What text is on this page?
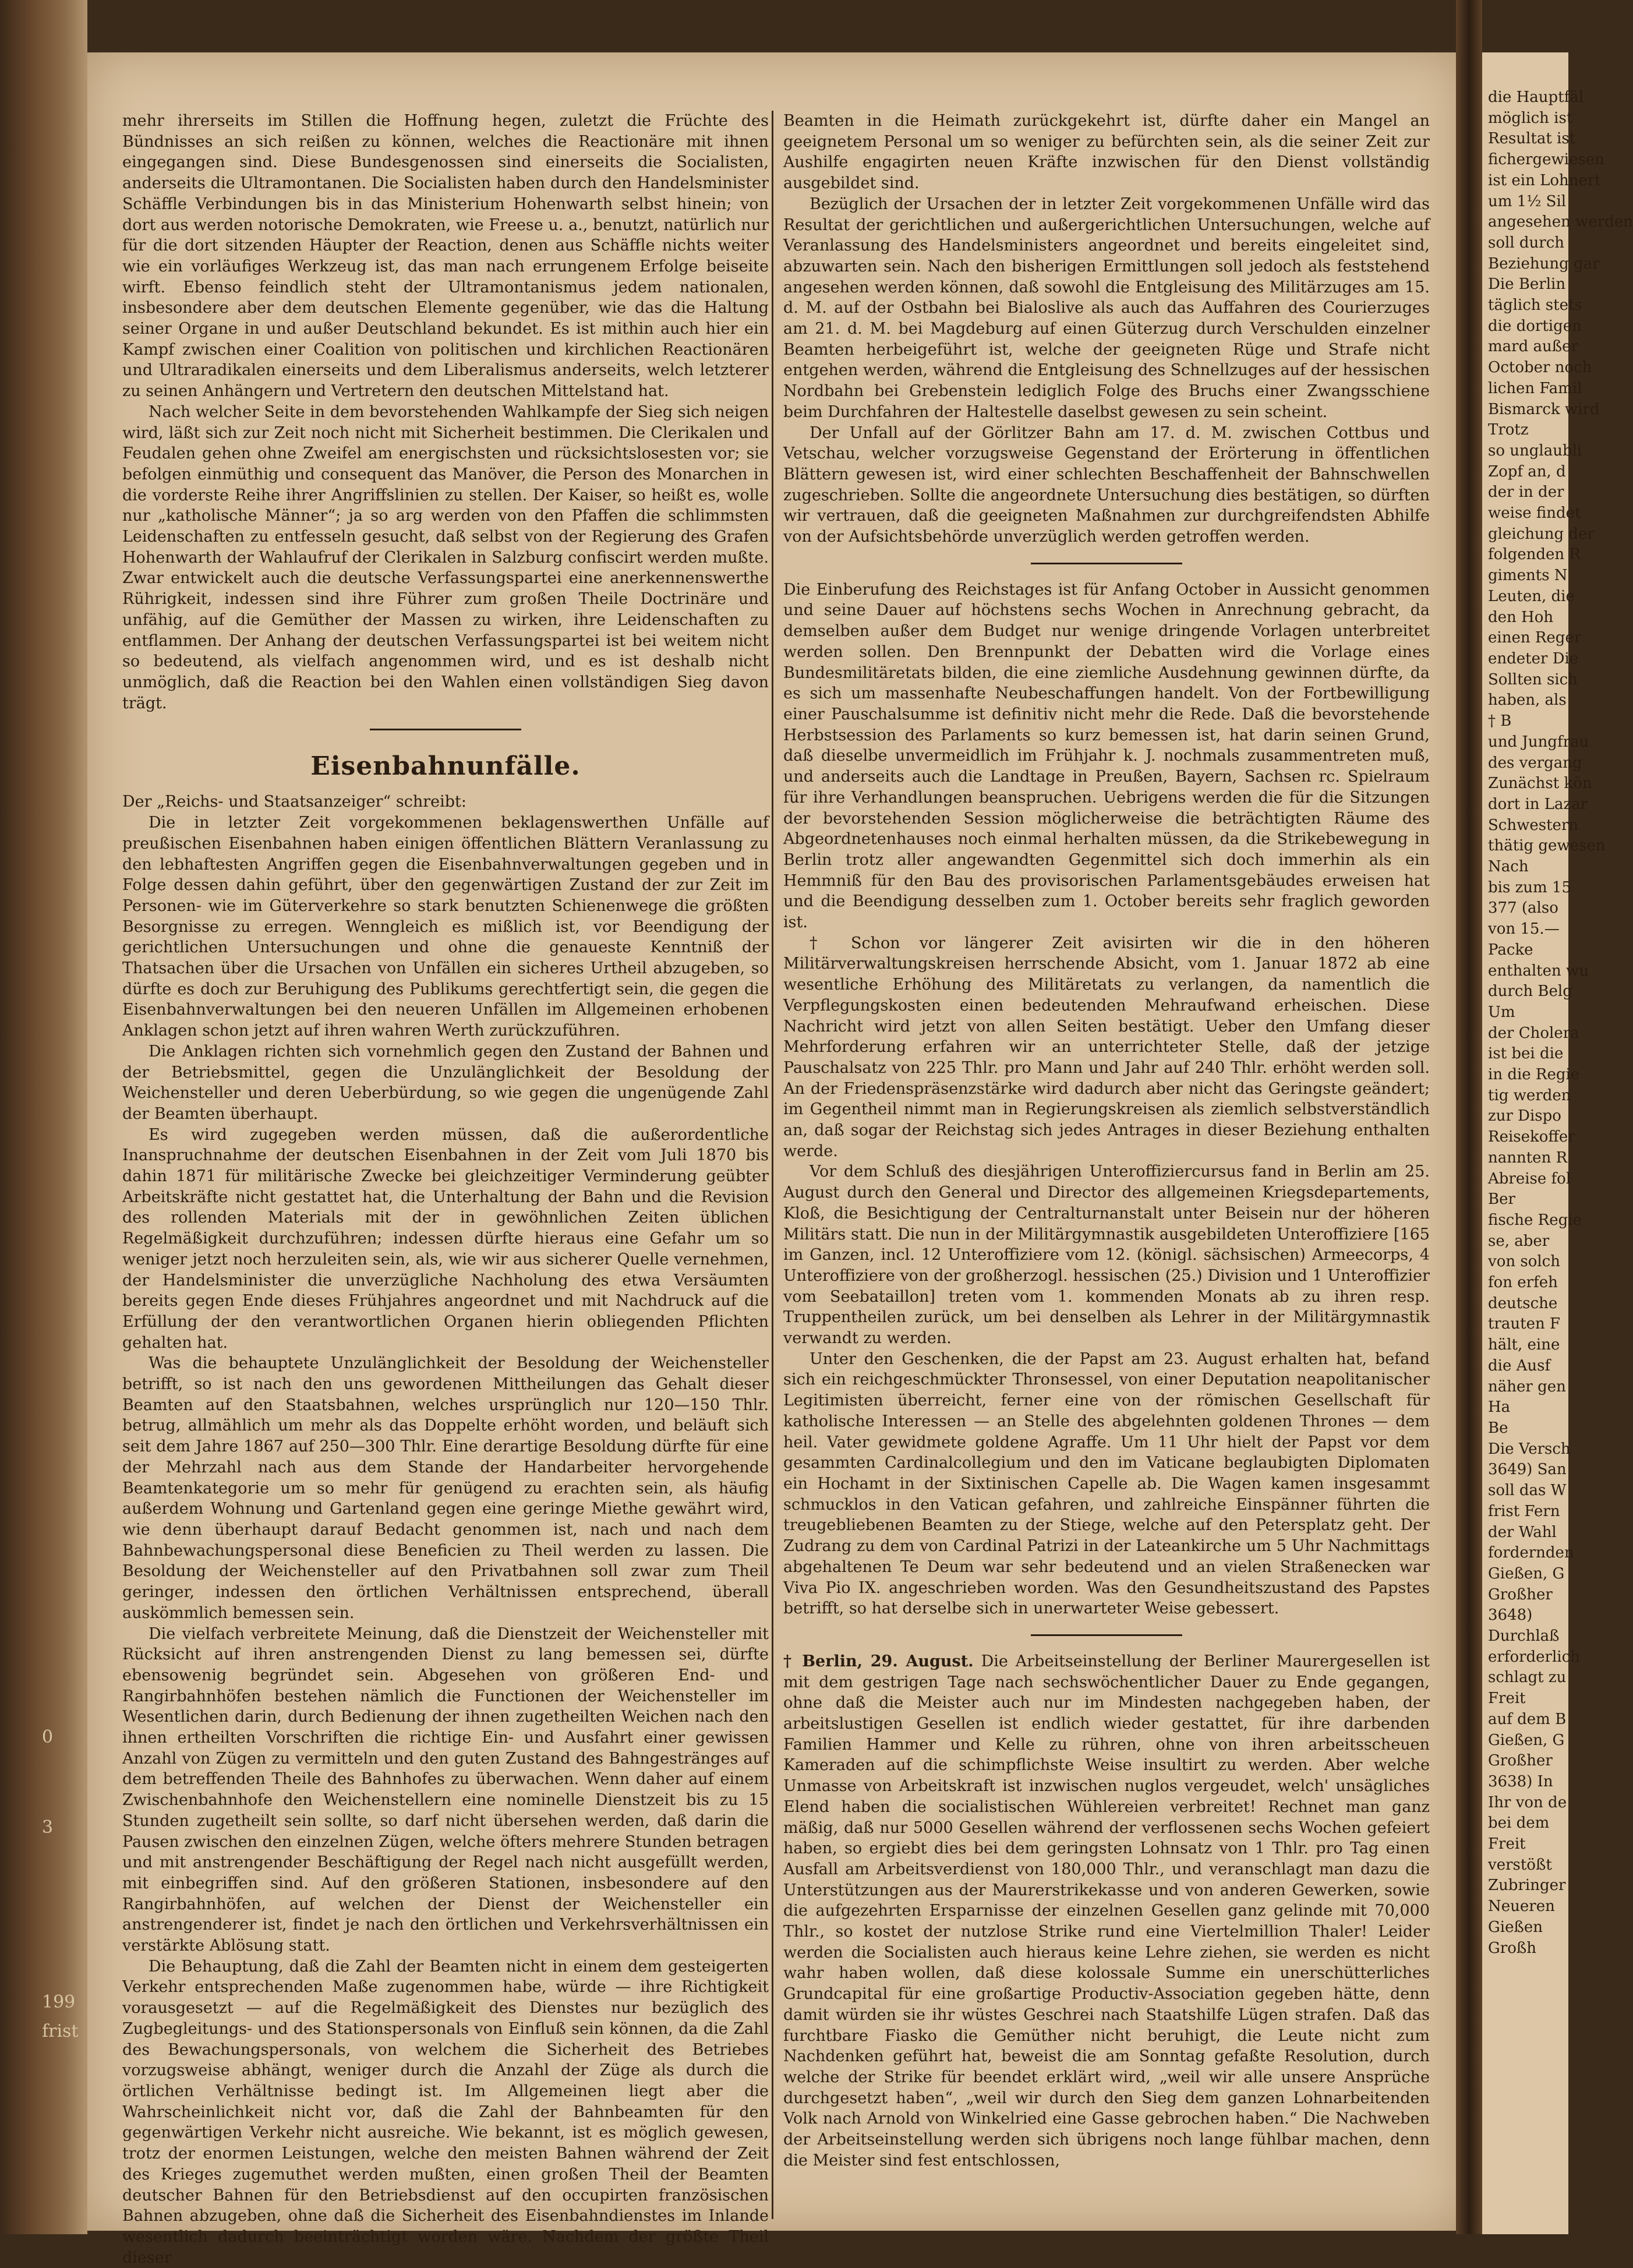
0
3
199
frist

mehr ihrerseits im Stillen die Hoffnung hegen, zuletzt die Früchte des Bündnisses an sich reißen zu können, welches die Reactionäre mit ihnen eingegangen sind. Diese Bundesgenossen sind einerseits die Socialisten, anderseits die Ultramontanen. Die Socialisten haben durch den Handelsminister Schäffle Verbindungen bis in das Ministerium Hohenwarth selbst hinein; von dort aus werden notorische Demokraten, wie Freese u. a., benutzt, natürlich nur für die dort sitzenden Häupter der Reaction, denen aus Schäffle nichts weiter wie ein vorläufiges Werkzeug ist, das man nach errungenem Erfolge beiseite wirft. Ebenso feindlich steht der Ultramontanismus jedem nationalen, insbesondere aber dem deutschen Elemente gegenüber, wie das die Haltung seiner Organe in und außer Deutschland bekundet. Es ist mithin auch hier ein Kampf zwischen einer Coalition von politischen und kirchlichen Reactionären und Ultraradikalen einerseits und dem Liberalismus anderseits, welch letzterer zu seinen Anhängern und Vertretern den deutschen Mittelstand hat.

Nach welcher Seite in dem bevorstehenden Wahlkampfe der Sieg sich neigen wird, läßt sich zur Zeit noch nicht mit Sicherheit bestimmen. Die Clerikalen und Feudalen gehen ohne Zweifel am energischsten und rücksichtslosesten vor; sie befolgen einmüthig und consequent das Manöver, die Person des Monarchen in die vorderste Reihe ihrer Angriffslinien zu stellen. Der Kaiser, so heißt es, wolle nur „katholische Männer“; ja so arg werden von den Pfaffen die schlimmsten Leidenschaften zu entfesseln gesucht, daß selbst von der Regierung des Grafen Hohenwarth der Wahlaufruf der Clerikalen in Salzburg confiscirt werden mußte. Zwar entwickelt auch die deutsche Verfassungspartei eine anerkennenswerthe Rührigkeit, indessen sind ihre Führer zum großen Theile Doctrinäre und unfähig, auf die Gemüther der Massen zu wirken, ihre Leidenschaften zu entflammen. Der Anhang der deutschen Verfassungspartei ist bei weitem nicht so bedeutend, als vielfach angenommen wird, und es ist deshalb nicht unmöglich, daß die Reaction bei den Wahlen einen vollständigen Sieg davon trägt.

Eisenbahnunfälle.

Der „Reichs- und Staatsanzeiger“ schreibt:

Die in letzter Zeit vorgekommenen beklagenswerthen Unfälle auf preußischen Eisenbahnen haben einigen öffentlichen Blättern Veranlassung zu den lebhaftesten Angriffen gegen die Eisenbahnverwaltungen gegeben und in Folge dessen dahin geführt, über den gegenwärtigen Zustand der zur Zeit im Personen- wie im Güterverkehre so stark benutzten Schienenwege die größten Besorgnisse zu erregen. Wenngleich es mißlich ist, vor Beendigung der gerichtlichen Untersuchungen und ohne die genaueste Kenntniß der Thatsachen über die Ursachen von Unfällen ein sicheres Urtheil abzugeben, so dürfte es doch zur Beruhigung des Publikums gerechtfertigt sein, die gegen die Eisenbahnverwaltungen bei den neueren Unfällen im Allgemeinen erhobenen Anklagen schon jetzt auf ihren wahren Werth zurückzuführen.

Die Anklagen richten sich vornehmlich gegen den Zustand der Bahnen und der Betriebsmittel, gegen die Unzulänglichkeit der Besoldung der Weichensteller und deren Ueberbürdung, so wie gegen die ungenügende Zahl der Beamten überhaupt.

Es wird zugegeben werden müssen, daß die außerordentliche Inanspruchnahme der deutschen Eisenbahnen in der Zeit vom Juli 1870 bis dahin 1871 für militärische Zwecke bei gleichzeitiger Verminderung geübter Arbeitskräfte nicht gestattet hat, die Unterhaltung der Bahn und die Revision des rollenden Materials mit der in gewöhnlichen Zeiten üblichen Regelmäßigkeit durchzuführen; indessen dürfte hieraus eine Gefahr um so weniger jetzt noch herzuleiten sein, als, wie wir aus sicherer Quelle vernehmen, der Handelsminister die unverzügliche Nachholung des etwa Versäumten bereits gegen Ende dieses Frühjahres angeordnet und mit Nachdruck auf die Erfüllung der den verantwortlichen Organen hierin obliegenden Pflichten gehalten hat.

Was die behauptete Unzulänglichkeit der Besoldung der Weichensteller betrifft, so ist nach den uns gewordenen Mittheilungen das Gehalt dieser Beamten auf den Staatsbahnen, welches ursprünglich nur 120—150 Thlr. betrug, allmählich um mehr als das Doppelte erhöht worden, und beläuft sich seit dem Jahre 1867 auf 250—300 Thlr. Eine derartige Besoldung dürfte für eine der Mehrzahl nach aus dem Stande der Handarbeiter hervorgehende Beamtenkategorie um so mehr für genügend zu erachten sein, als häufig außerdem Wohnung und Gartenland gegen eine geringe Miethe gewährt wird, wie denn überhaupt darauf Bedacht genommen ist, nach und nach dem Bahnbewachungspersonal diese Beneficien zu Theil werden zu lassen. Die Besoldung der Weichensteller auf den Privatbahnen soll zwar zum Theil geringer, indessen den örtlichen Verhältnissen entsprechend, überall auskömmlich bemessen sein.

Die vielfach verbreitete Meinung, daß die Dienstzeit der Weichensteller mit Rücksicht auf ihren anstrengenden Dienst zu lang bemessen sei, dürfte ebensowenig begründet sein. Abgesehen von größeren End- und Rangirbahnhöfen bestehen nämlich die Functionen der Weichensteller im Wesentlichen darin, durch Bedienung der ihnen zugetheilten Weichen nach den ihnen ertheilten Vorschriften die richtige Ein- und Ausfahrt einer gewissen Anzahl von Zügen zu vermitteln und den guten Zustand des Bahngestränges auf dem betreffenden Theile des Bahnhofes zu überwachen. Wenn daher auf einem Zwischenbahnhofe den Weichenstellern eine nominelle Dienstzeit bis zu 15 Stunden zugetheilt sein sollte, so darf nicht übersehen werden, daß darin die Pausen zwischen den einzelnen Zügen, welche öfters mehrere Stunden betragen und mit anstrengender Beschäftigung der Regel nach nicht ausgefüllt werden, mit einbegriffen sind. Auf den größeren Stationen, insbesondere auf den Rangirbahnhöfen, auf welchen der Dienst der Weichensteller ein anstrengenderer ist, findet je nach den örtlichen und Verkehrsverhältnissen ein verstärkte Ablösung statt.

Die Behauptung, daß die Zahl der Beamten nicht in einem dem gesteigerten Verkehr entsprechenden Maße zugenommen habe, würde — ihre Richtigkeit vorausgesetzt — auf die Regelmäßigkeit des Dienstes nur bezüglich des Zugbegleitungs- und des Stationspersonals von Einfluß sein können, da die Zahl des Bewachungspersonals, von welchem die Sicherheit des Betriebes vorzugsweise abhängt, weniger durch die Anzahl der Züge als durch die örtlichen Verhältnisse bedingt ist. Im Allgemeinen liegt aber die Wahrscheinlichkeit nicht vor, daß die Zahl der Bahnbeamten für den gegenwärtigen Verkehr nicht ausreiche. Wie bekannt, ist es möglich gewesen, trotz der enormen Leistungen, welche den meisten Bahnen während der Zeit des Krieges zugemuthet werden mußten, einen großen Theil der Beamten deutscher Bahnen für den Betriebsdienst auf den occupirten französischen Bahnen abzugeben, ohne daß die Sicherheit des Eisenbahndienstes im Inlande wesentlich dadurch beeinträchtigt worden wäre. Nachdem der größte Theil dieser

Beamten in die Heimath zurückgekehrt ist, dürfte daher ein Mangel an geeignetem Personal um so weniger zu befürchten sein, als die seiner Zeit zur Aushilfe engagirten neuen Kräfte inzwischen für den Dienst vollständig ausgebildet sind.

Bezüglich der Ursachen der in letzter Zeit vorgekommenen Unfälle wird das Resultat der gerichtlichen und außergerichtlichen Untersuchungen, welche auf Veranlassung des Handelsministers angeordnet und bereits eingeleitet sind, abzuwarten sein. Nach den bisherigen Ermittlungen soll jedoch als feststehend angesehen werden können, daß sowohl die Entgleisung des Militärzuges am 15. d. M. auf der Ostbahn bei Bialoslive als auch das Auffahren des Courierzuges am 21. d. M. bei Magdeburg auf einen Güterzug durch Verschulden einzelner Beamten herbeigeführt ist, welche der geeigneten Rüge und Strafe nicht entgehen werden, während die Entgleisung des Schnellzuges auf der hessischen Nordbahn bei Grebenstein lediglich Folge des Bruchs einer Zwangsschiene beim Durchfahren der Haltestelle daselbst gewesen zu sein scheint.

Der Unfall auf der Görlitzer Bahn am 17. d. M. zwischen Cottbus und Vetschau, welcher vorzugsweise Gegenstand der Erörterung in öffentlichen Blättern gewesen ist, wird einer schlechten Beschaffenheit der Bahnschwellen zugeschrieben. Sollte die angeordnete Untersuchung dies bestätigen, so dürften wir vertrauen, daß die geeigneten Maßnahmen zur durchgreifendsten Abhilfe von der Aufsichtsbehörde unverzüglich werden getroffen werden.

Die Einberufung des Reichstages ist für Anfang October in Aussicht genommen und seine Dauer auf höchstens sechs Wochen in Anrechnung gebracht, da demselben außer dem Budget nur wenige dringende Vorlagen unterbreitet werden sollen. Den Brennpunkt der Debatten wird die Vorlage eines Bundesmilitäretats bilden, die eine ziemliche Ausdehnung gewinnen dürfte, da es sich um massenhafte Neubeschaffungen handelt. Von der Fortbewilligung einer Pauschalsumme ist definitiv nicht mehr die Rede. Daß die bevorstehende Herbstsession des Parlaments so kurz bemessen ist, hat darin seinen Grund, daß dieselbe unvermeidlich im Frühjahr k. J. nochmals zusammentreten muß, und anderseits auch die Landtage in Preußen, Bayern, Sachsen rc. Spielraum für ihre Verhandlungen beanspruchen. Uebrigens werden die für die Sitzungen der bevorstehenden Session möglicherweise die beträchtigten Räume des Abgeordnetenhauses noch einmal herhalten müssen, da die Strikebewegung in Berlin trotz aller angewandten Gegenmittel sich doch immerhin als ein Hemmniß für den Bau des provisorischen Parlamentsgebäudes erweisen hat und die Beendigung desselben zum 1. October bereits sehr fraglich geworden ist.

† Schon vor längerer Zeit avisirten wir die in den höheren Militärverwaltungskreisen herrschende Absicht, vom 1. Januar 1872 ab eine wesentliche Erhöhung des Militäretats zu verlangen, da namentlich die Verpflegungskosten einen bedeutenden Mehraufwand erheischen. Diese Nachricht wird jetzt von allen Seiten bestätigt. Ueber den Umfang dieser Mehrforderung erfahren wir an unterrichteter Stelle, daß der jetzige Pauschalsatz von 225 Thlr. pro Mann und Jahr auf 240 Thlr. erhöht werden soll. An der Friedenspräsenzstärke wird dadurch aber nicht das Geringste geändert; im Gegentheil nimmt man in Regierungskreisen als ziemlich selbstverständlich an, daß sogar der Reichstag sich jedes Antrages in dieser Beziehung enthalten werde.

Vor dem Schluß des diesjährigen Unteroffiziercursus fand in Berlin am 25. August durch den General und Director des allgemeinen Kriegsdepartements, Kloß, die Besichtigung der Centralturnanstalt unter Beisein nur der höheren Militärs statt. Die nun in der Militärgymnastik ausgebildeten Unteroffiziere [165 im Ganzen, incl. 12 Unteroffiziere vom 12. (königl. sächsischen) Armeecorps, 4 Unteroffiziere von der großherzogl. hessischen (25.) Division und 1 Unteroffizier vom Seebataillon] treten vom 1. kommenden Monats ab zu ihren resp. Truppentheilen zurück, um bei denselben als Lehrer in der Militärgymnastik verwandt zu werden.

Unter den Geschenken, die der Papst am 23. August erhalten hat, befand sich ein reichgeschmückter Thronsessel, von einer Deputation neapolitanischer Legitimisten überreicht, ferner eine von der römischen Gesellschaft für katholische Interessen — an Stelle des abgelehnten goldenen Thrones — dem heil. Vater gewidmete goldene Agraffe. Um 11 Uhr hielt der Papst vor dem gesammten Cardinalcollegium und den im Vaticane beglaubigten Diplomaten ein Hochamt in der Sixtinischen Capelle ab. Die Wagen kamen insgesammt schmucklos in den Vatican gefahren, und zahlreiche Einspänner führten die treugebliebenen Beamten zu der Stiege, welche auf den Petersplatz geht. Der Zudrang zu dem von Cardinal Patrizi in der Lateankirche um 5 Uhr Nachmittags abgehaltenen Te Deum war sehr bedeutend und an vielen Straßenecken war Viva Pio IX. angeschrieben worden. Was den Gesundheitszustand des Papstes betrifft, so hat derselbe sich in unerwarteter Weise gebessert.

† Berlin, 29. August. Die Arbeitseinstellung der Berliner Maurergesellen ist mit dem gestrigen Tage nach sechswöchentlicher Dauer zu Ende gegangen, ohne daß die Meister auch nur im Mindesten nachgegeben haben, der arbeitslustigen Gesellen ist endlich wieder gestattet, für ihre darbenden Familien Hammer und Kelle zu rühren, ohne von ihren arbeitsscheuen Kameraden auf die schimpflichste Weise insultirt zu werden. Aber welche Unmasse von Arbeitskraft ist inzwischen nuglos vergeudet, welch' unsägliches Elend haben die socialistischen Wühlereien verbreitet! Rechnet man ganz mäßig, daß nur 5000 Gesellen während der verflossenen sechs Wochen gefeiert haben, so ergiebt dies bei dem geringsten Lohnsatz von 1 Thlr. pro Tag einen Ausfall am Arbeitsverdienst von 180,000 Thlr., und veranschlagt man dazu die Unterstützungen aus der Maurerstrikekasse und von anderen Gewerken, sowie die aufgezehrten Ersparnisse der einzelnen Gesellen ganz gelinde mit 70,000 Thlr., so kostet der nutzlose Strike rund eine Viertelmillion Thaler! Leider werden die Socialisten auch hieraus keine Lehre ziehen, sie werden es nicht wahr haben wollen, daß diese kolossale Summe ein unerschütterliches Grundcapital für eine großartige Productiv-Association gegeben hätte, denn damit würden sie ihr wüstes Geschrei nach Staatshilfe Lügen strafen. Daß das furchtbare Fiasko die Gemüther nicht beruhigt, die Leute nicht zum Nachdenken geführt hat, beweist die am Sonntag gefaßte Resolution, durch welche der Strike für beendet erklärt wird, „weil wir alle unsere Ansprüche durchgesetzt haben“, „weil wir durch den Sieg dem ganzen Lohnarbeitenden Volk nach Arnold von Winkelried eine Gasse gebrochen haben.“ Die Nachweben der Arbeitseinstellung werden sich übrigens noch lange fühlbar machen, denn die Meister sind fest entschlossen,

die Hauptfäl
möglich ist
Resultat ist
fichergewiesen
ist ein Lohnert
um 1½ Sil
angesehen werden
soll durch
Beziehung gar
Die Berlin
täglich stets
die dortigen
mard außer
October noch
lichen Famil
Bismarck wird
Trotz
so unglaubli
Zopf an, d
der in der
weise findet
gleichung der
folgenden R
giments N
Leuten, die
den Hoh
einen Reger
endeter Die
Sollten sich
haben, als
† B
und Jungfrau
des vergang
Zunächst kön
dort in Lazar
Schwestern
thätig gewesen
Nach
bis zum 15
377 (also
von 15.—
Packe
enthalten wu
durch Belg
Um
der Cholera
ist bei die
in die Regie
tig werden
zur Dispo
Reisekoffer
nannten R
Abreise fol
Ber
fische Regie
se, aber
von solch
fon erfeh
deutsche
trauten F
hält, eine
die Ausf
näher gen
Ha
Be
Die Versch
3649) San
soll das W
frist Fern
der Wahl
fordernden
Gießen, G
Großher
3648)
Durchlaß
erforderlich
schlagt zu
Freit
auf dem B
Gießen, G
Großher
3638) In
Ihr von de
bei dem
Freit
verstößt
Zubringer
Neueren
Gießen
Großh
